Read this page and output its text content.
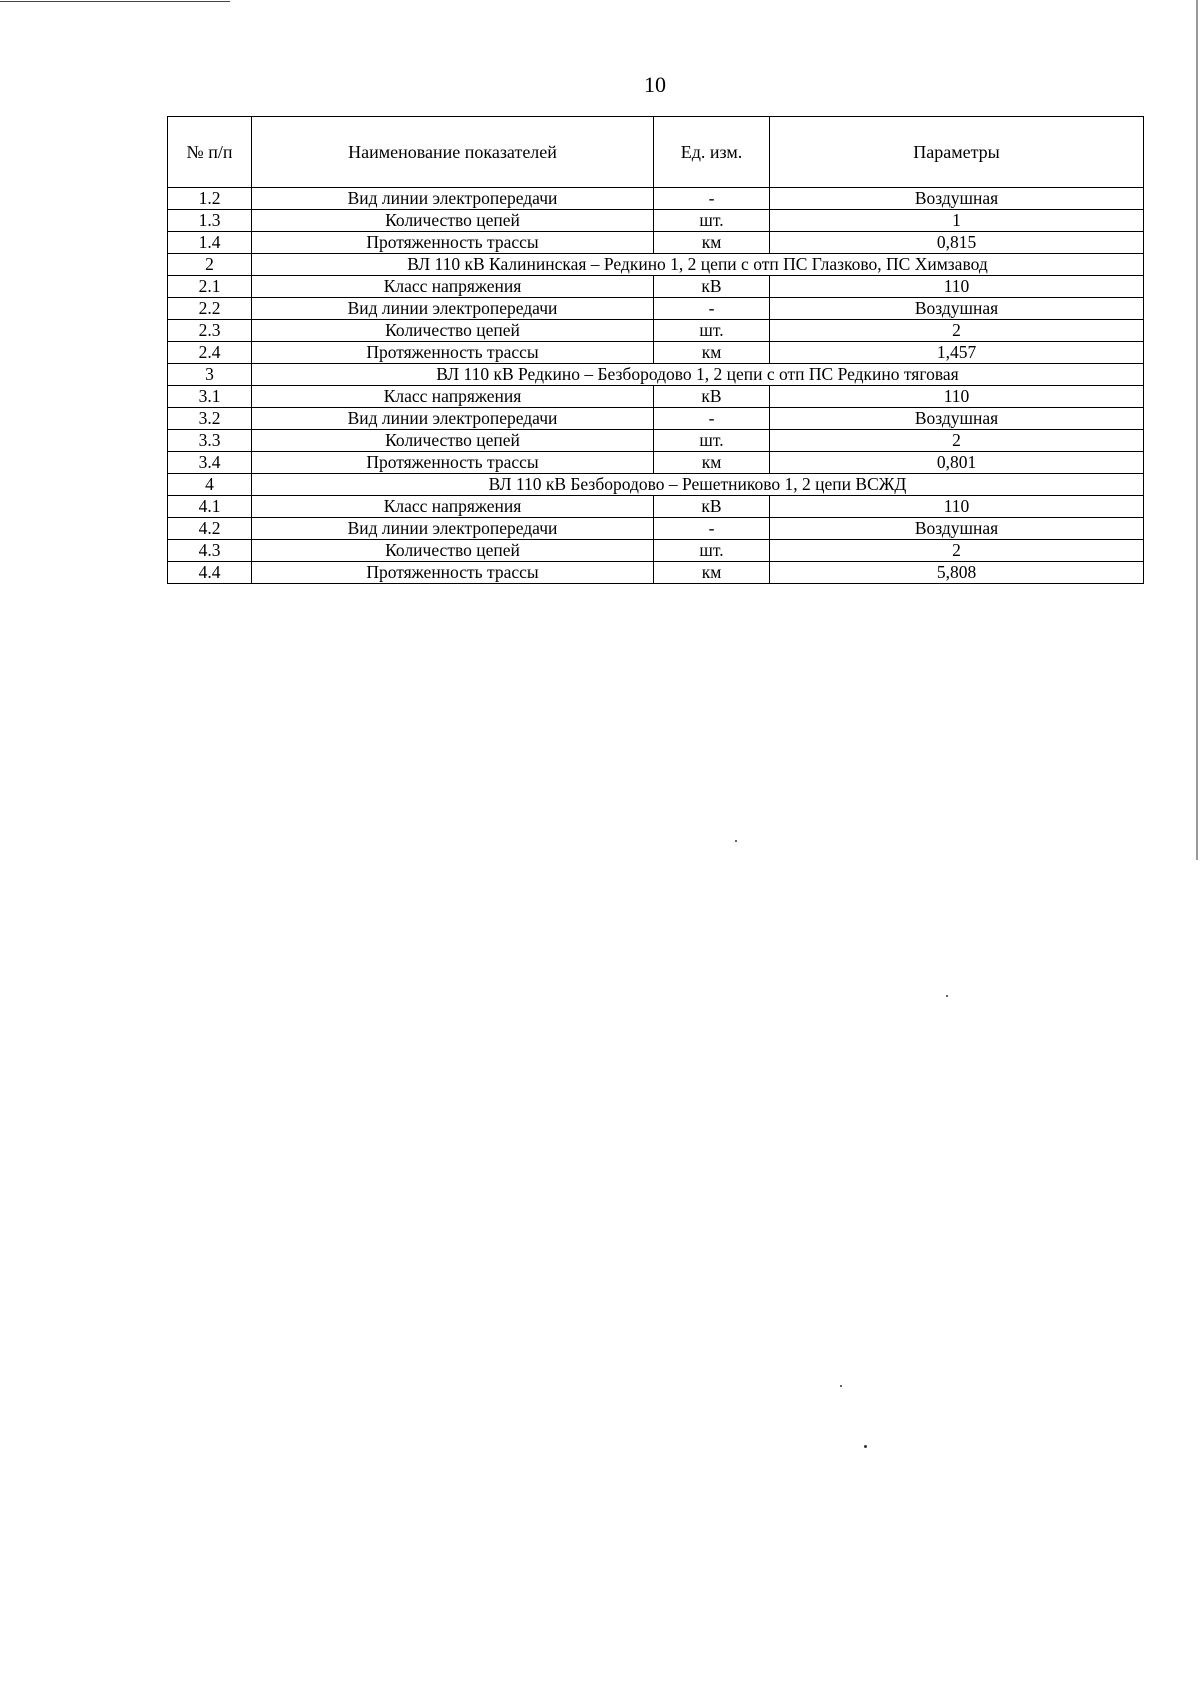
10
№ п/п	Наименование показателей	Ед. изм.	Параметры
1.2	Вид линии электропередачи	-	Воздушная
1.3	Количество цепей	шт.	1
1.4	Протяженность трассы	км	0,815
2	ВЛ 110 кВ Калининская – Редкино 1, 2 цепи с отп ПС Глазково, ПС Химзавод		
2.1	Класс напряжения	кВ	110
2.2	Вид линии электропередачи	-	Воздушная
2.3	Количество цепей	шт.	2
2.4	Протяженность трассы	км	1,457
3	ВЛ 110 кВ Редкино – Безбородово 1, 2 цепи с отп ПС Редкино тяговая		
3.1	Класс напряжения	кВ	110
3.2	Вид линии электропередачи	-	Воздушная
3.3	Количество цепей	шт.	2
3.4	Протяженность трассы	км	0,801
4	ВЛ 110 кВ Безбородово – Решетниково 1, 2 цепи ВСЖД		
4.1	Класс напряжения	кВ	110
4.2	Вид линии электропередачи	-	Воздушная
4.3	Количество цепей	шт.	2
4.4	Протяженность трассы	км	5,808
